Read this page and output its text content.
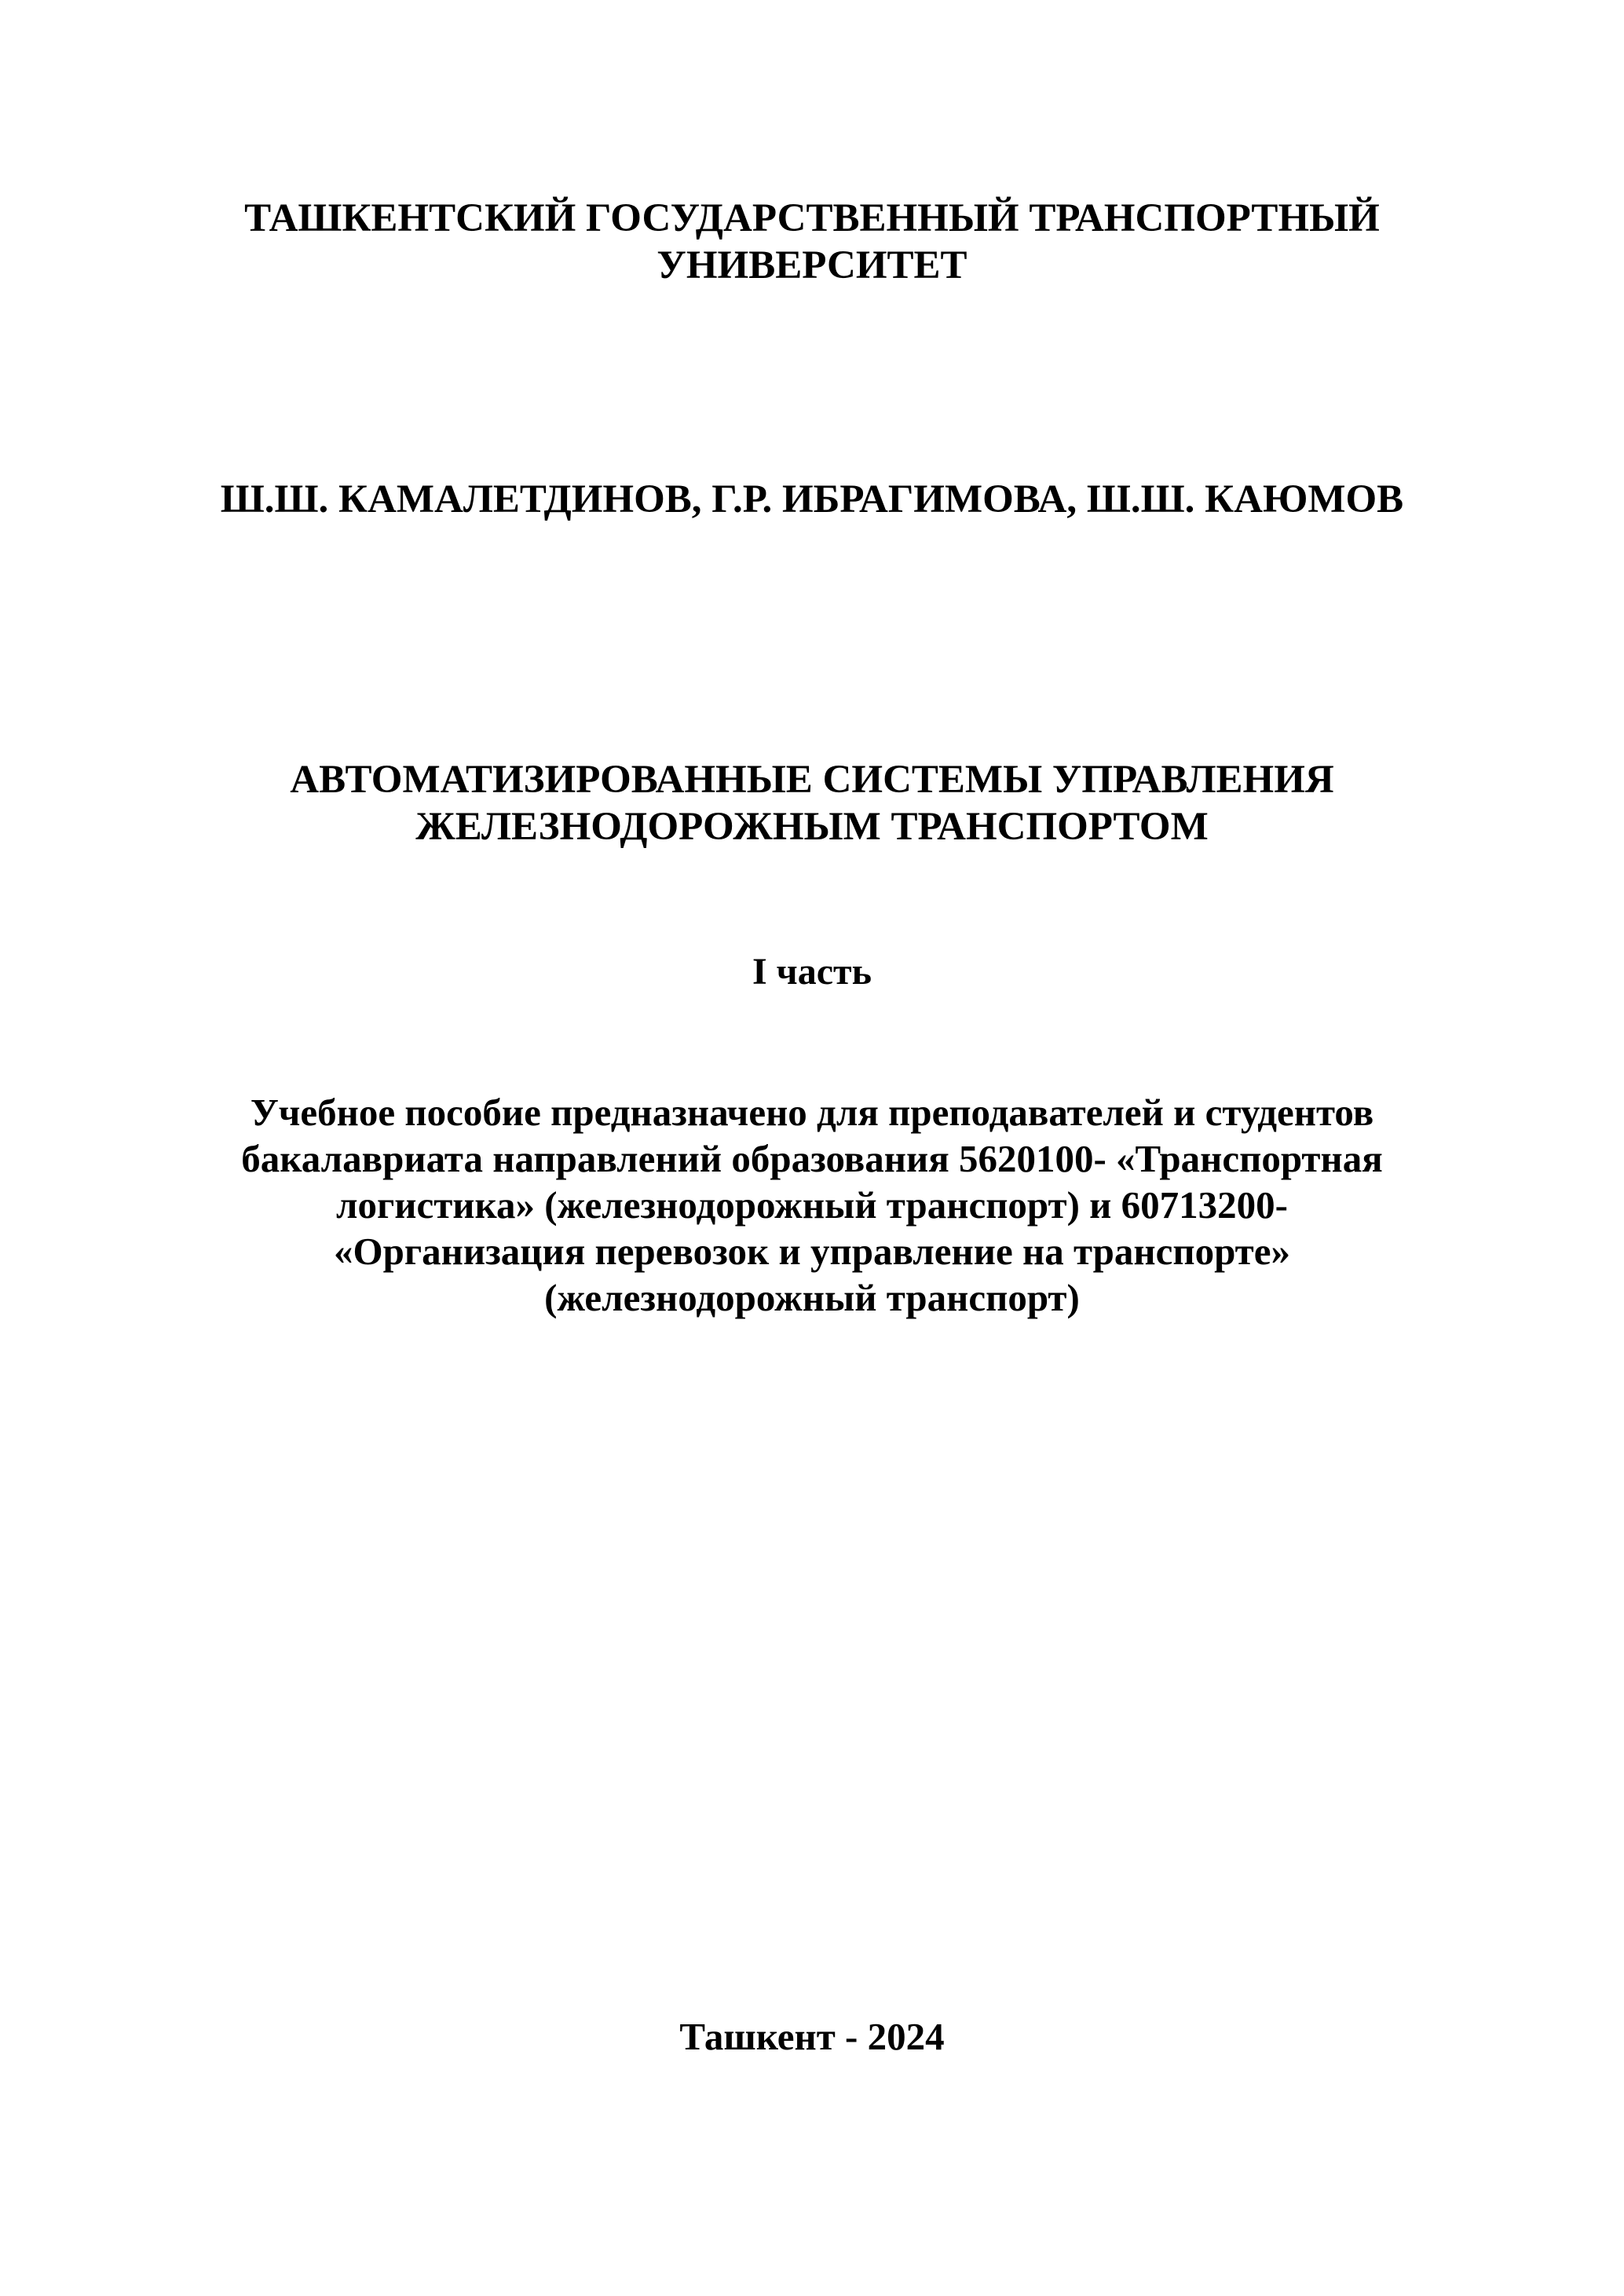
ТАШКЕНТСКИЙ ГОСУДАРСТВЕННЫЙ ТРАНСПОРТНЫЙ
УНИВЕРСИТЕТ
Ш.Ш. КАМАЛЕТДИНОВ, Г.Р. ИБРАГИМОВА, Ш.Ш. КАЮМОВ
АВТОМАТИЗИРОВАННЫЕ СИСТЕМЫ УПРАВЛЕНИЯ
ЖЕЛЕЗНОДОРОЖНЫМ ТРАНСПОРТОМ
I часть
Учебное пособие предназначено для преподавателей и студентов
бакалавриата направлений образования 5620100- «Транспортная
логистика» (железнодорожный транспорт) и 60713200-
«Организация перевозок и управление на транспорте»
(железнодорожный транспорт)
Ташкент - 2024
